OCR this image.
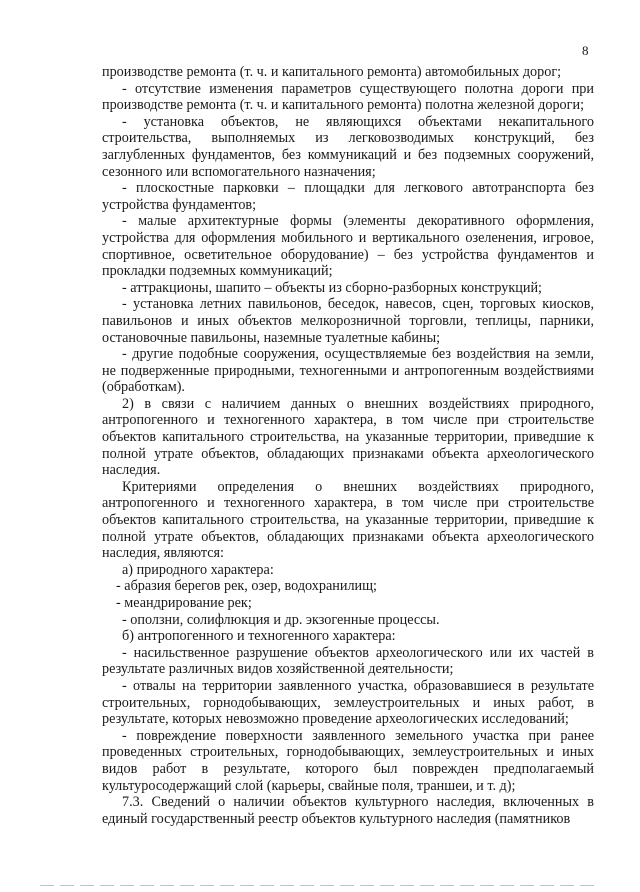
8

производстве ремонта (т. ч. и капитального ремонта) автомобильных дорог;

- отсутствие изменения параметров существующего полотна дороги при производстве ремонта (т. ч. и капитального ремонта) полотна железной дороги;

- установка объектов, не являющихся объектами некапитального строительства, выполняемых из легковозводимых конструкций, без заглубленных фундаментов, без коммуникаций и без подземных сооружений, сезонного или вспомогательного назначения;

- плоскостные парковки – площадки для легкового автотранспорта без устройства фундаментов;

- малые архитектурные формы (элементы декоративного оформления, устройства для оформления мобильного и вертикального озеленения, игровое, спортивное, осветительное оборудование) – без устройства фундаментов и прокладки подземных коммуникаций;

- аттракционы, шапито – объекты из сборно-разборных конструкций;

- установка летних павильонов, беседок, навесов, сцен, торговых киосков, павильонов и иных объектов мелкорозничной торговли, теплицы, парники, остановочные павильоны, наземные туалетные кабины;

- другие подобные сооружения, осуществляемые без воздействия на земли, не подверженные природными, техногенными и антропогенным воздействиями (обработкам).

2) в связи с наличием данных о внешних воздействиях природного, антропогенного и техногенного характера, в том числе при строительстве объектов капитального строительства, на указанные территории, приведшие к полной утрате объектов, обладающих признаками объекта археологического наследия.

Критериями определения о внешних воздействиях природного, антропогенного и техногенного характера, в том числе при строительстве объектов капитального строительства, на указанные территории, приведшие к полной утрате объектов, обладающих признаками объекта археологического наследия, являются:

а) природного характера:

- абразия берегов рек, озер, водохранилищ;

- меандрирование рек;

- оползни, солифлюкция и др. экзогенные процессы.

б) антропогенного и техногенного характера:

- насильственное разрушение объектов археологического или их частей в результате различных видов хозяйственной деятельности;

- отвалы на территории заявленного участка, образовавшиеся в результате строительных, горнодобывающих, землеустроительных и иных работ, в результате, которых невозможно проведение археологических исследований;

- повреждение поверхности заявленного земельного участка при ранее проведенных строительных, горнодобывающих, землеустроительных и иных видов работ в результате, которого был поврежден предполагаемый культуросодержащий слой (карьеры, свайные поля, траншеи, и т. д);

7.3. Сведений о наличии объектов культурного наследия, включенных в единый государственный реестр объектов культурного наследия (памятников
